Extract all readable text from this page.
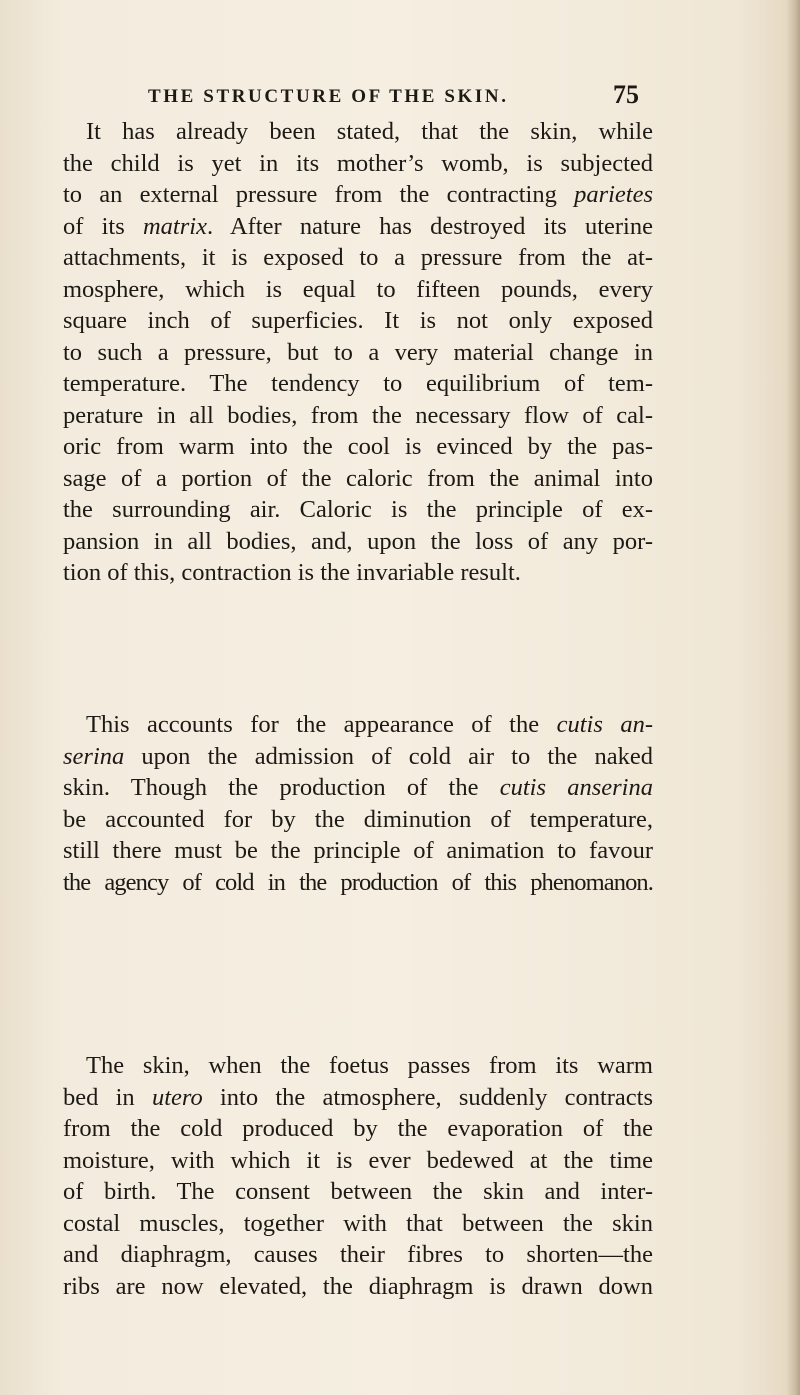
THE STRUCTURE OF THE SKIN.	75

It has already been stated, that the skin, while
the child is yet in its mother’s womb, is subjected
to an external pressure from the contracting parietes
of its matrix. After nature has destroyed its uterine
attachments, it is exposed to a pressure from the at-
mosphere, which is equal to fifteen pounds, every
square inch of superficies. It is not only exposed
to such a pressure, but to a very material change in
temperature. The tendency to equilibrium of tem-
perature in all bodies, from the necessary flow of cal-
oric from warm into the cool is evinced by the pas-
sage of a portion of the caloric from the animal into
the surrounding air. Caloric is the principle of ex-
pansion in all bodies, and, upon the loss of any por-
tion of this, contraction is the invariable result.

This accounts for the appearance of the cutis an-
serina upon the admission of cold air to the naked
skin. Though the production of the cutis anserina
be accounted for by the diminution of temperature,
still there must be the principle of animation to favour
the agency of cold in the production of this phenomanon.

The skin, when the foetus passes from its warm
bed in utero into the atmosphere, suddenly contracts
from the cold produced by the evaporation of the
moisture, with which it is ever bedewed at the time
of birth. The consent between the skin and inter-
costal muscles, together with that between the skin
and diaphragm, causes their fibres to shorten—the
ribs are now elevated, the diaphragm is drawn down
